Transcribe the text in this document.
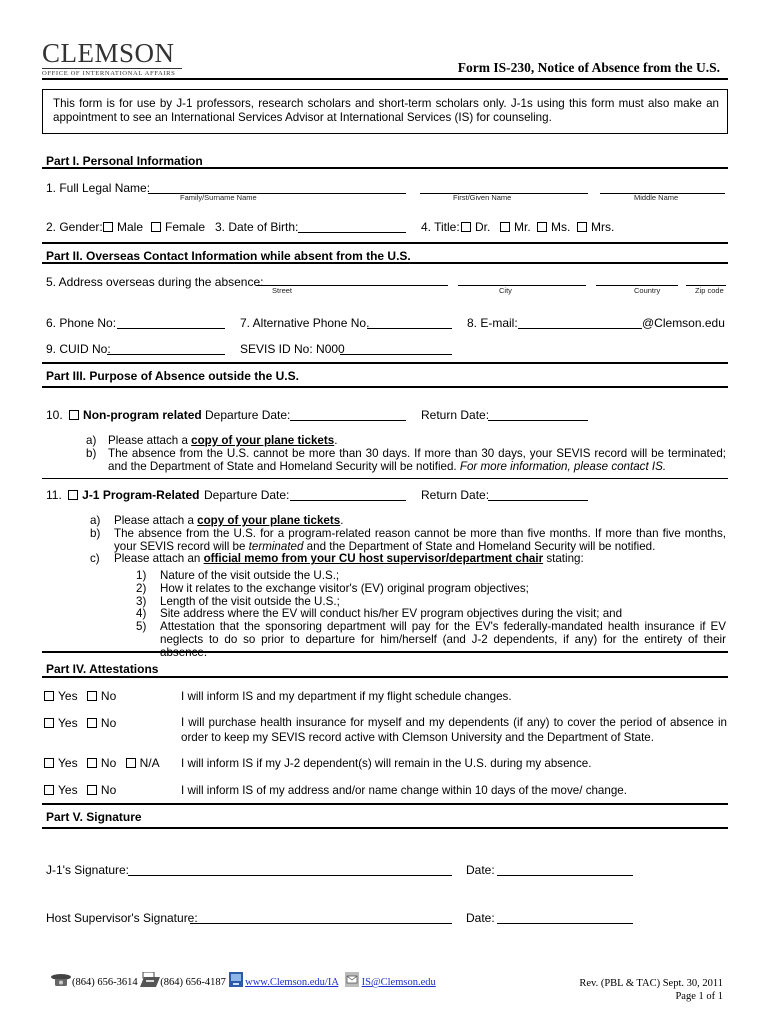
CLEMSON
OFFICE OF INTERNATIONAL AFFAIRS	Form IS-230, Notice of Absence from the U.S.
This form is for use by J-1 professors, research scholars and short-term scholars only. J-1s using this form must also make an appointment to see an International Services Advisor at International Services (IS) for counseling.
Part I. Personal Information
1. Full Legal Name:
Family/Surname Name	First/Given Name	Middle Name
2. Gender:	Male	Female 3. Date of Birth:	4. Title:	Dr.	Mr.	Ms.	Mrs.
Part II. Overseas Contact Information while absent from the U.S.
5. Address overseas during the absence:
Street	City	Country	Zip code
6. Phone No:	7. Alternative Phone No.	8. E-mail:	@Clemson.edu
9. CUID No:	SEVIS ID No: N000
Part III. Purpose of Absence outside the U.S.
10. Non-program related Departure Date:	Return Date:
a)	Please attach a copy of your plane tickets.
b)	The absence from the U.S. cannot be more than 30 days. If more than 30 days, your SEVIS record will be terminated; and the Department of State and Homeland Security will be notified. For more information, please contact IS.
11. J-1 Program-Related Departure Date:	Return Date:
a)	Please attach a copy of your plane tickets.
b)	The absence from the U.S. for a program-related reason cannot be more than five months. If more than five months, your SEVIS record will be terminated and the Department of State and Homeland Security will be notified.
c)	Please attach an official memo from your CU host supervisor/department chair stating:
1)	Nature of the visit outside the U.S.;
2)	How it relates to the exchange visitor's (EV) original program objectives;
3)	Length of the visit outside the U.S.;
4)	Site address where the EV will conduct his/her EV program objectives during the visit; and
5)	Attestation that the sponsoring department will pay for the EV's federally-mandated health insurance if EV neglects to do so prior to departure for him/herself (and J-2 dependents, if any) for the entirety of their absence.
Part IV. Attestations
Yes No	I will inform IS and my department if my flight schedule changes.
Yes No	I will purchase health insurance for myself and my dependents (if any) to cover the period of absence in order to keep my SEVIS record active with Clemson University and the Department of State.
Yes No N/A I will inform IS if my J-2 dependent(s) will remain in the U.S. during my absence.
Yes No	I will inform IS of my address and/or name change within 10 days of the move/ change.
Part V. Signature
J-1's Signature:	Date:
Host Supervisor's Signature:	Date:
(864) 656-3614 (864) 656-4187 www.Clemson.edu/IA IS@Clemson.edu	Rev. (PBL & TAC) Sept. 30, 2011
Page 1 of 1
